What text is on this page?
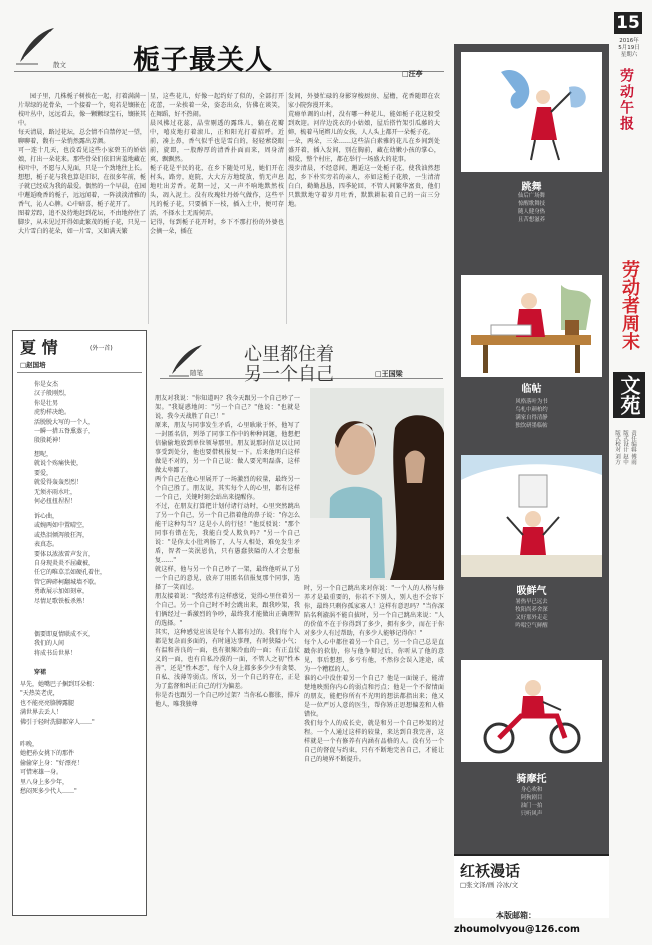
15
2016年
5月19日
星期六
劳动午报
劳动者周末
文苑
责任编辑 傅雨
版式设计 赵中
版式校对 刘方
散文 栀子最关人	□汪亭
园子里，几株栀子树挨在一起，打着满满一片翠绿的花骨朵，一个接着一个，宛若是镶嵌在枝叶丛中，远远看去，像一颗颗绿宝石，镶嵌其中。
每天清晨，路过花坛，总会情不自禁停足一望，聊聊着，馥有一朵悄然露出芳颜。
可一连十几天，也没看见这些小家碧玉的娇姑娘，打出一朵花来。那些骨朵们依旧害羞地藏在枝叶中，不愿与人见面，只是一个劲地往上长。
想想，栀子花与我也算是旧识，在很多年前，栀子就已经成为我的最爱。偶然的一个早晨，在园中邂逅晚香的栀子，远远闻着，一阵淡淡清雅的香气，沁人心脾。心中暗喜，栀子花开了。
图着芳踪，追不及待地赶到花坛，不由地停住了脚步，从未见过开得如此繁茂的栀子花，只见一大片雪白的花朵，如一片雪，又如满天繁
星，这些花儿，好像一起约好了似的，全部打开花蕾，一朵挨着一朵，姿态出众，仿佛在谈笑，在舞蹈，好不热闹。
晨风拂过花蕊，晶莹剔透的露珠儿，躺在花瓣中，嘻皮地打着滚儿，正和阳光打着招呼。近前，凑上鼻，香气似乎也是雪白的，轻轻萦绕眼前，旋即，一股醇厚的清香扑面而来，周身清爽，飘飘然。
栀子花是平民的花，在乡下随处可见，她们开在村头，路旁，庭院，大大方方地绽放，悄无声息地吐出芳香。花期一过，又一声不响地默然枝头，凋入泥土。没有玫瑰牡丹娇气做作，这些平凡的栀子花，只要插下一枝，插入土中，便可存活，不择水土无需伺弄。
记得，每到栀子花开时，乡下不那打扮的外婆也会摘一朵，插在
发间，外婆忙碌的身影穿梭厨房、屋檐，花香随即在农家小院弥漫开来。
荒瘠单调的山村，没有哪一种花儿，能如栀子花这般受到欢迎。河岸边洗衣的小姑娘，屋后搭竹架引瓜藤的大婶，梳着马尾辫儿的女孩，人人头上都开一朵栀子花。
一朵，两朵，三朵……这些洁白素雅的花儿在乡间到处盛开着，插入发间，别在胸前，藏在幼嫩小孩的掌心，相爱，整个村庄，都在举行一场盛大的花事。
漫步清晨，不经意间，邂逅这一处栀子花，使我油然想起，乡下朴实旁若的亲人，亦如这栀子花般，一生清清白白，勤勤恳恳，四季轮回，不管人间繁华富贵，他们只默默地守着岁月吐香，默默耕耘着自己的一亩三分地。
夏 情	(外一首)
□赵国培
你是女杰
汉子般刚烈，
你是壮男
虎豹样决绝。
活脱脱大写的一个人，
一瞬一措五脊熏蒸子，
殷殷耗神！
想呢，
就说个殇痛快使，
要爱，
就爱得轰轰烈烈！
无须亦雨水吐，
何必扭扭捏捏！
诉心曲，
或婉两如中置晴空，
或热泪倾泻般狂泻，
表真态。
要体以浓浓雷声发言，
自身现炎炎不屈藏被，
任它的唯草羔如硬孔着住，
管它碑碎柯翻城墙不歇。
勇敢展示加如刻章，
尽情足歌铁板杀熟！
偶要即夏情联成不灭，
我们的人间
将成书岳世界！
穿裙
早先，她嘴巴子捆到耳朵根：
"天热笑老虎，
也不能亮亮胳膊露腿
满世界去丢人！
佛引于轻时洗脚都穿人……"
昨晚，
她把孙女挑下的那件
偷偷穿上身："好漂亮！
可惜寒雄一身。
里八身上多少年，
愁闷死多少代人……"
随笔
心里都住着
另一个自己	□王国梁
朋友对我说："你知道吗？我今天跟另一个自己吵了一架。"我疑惑地问："另一个自己？"他说："也就是说，我今天战胜了自己！"
原来，朋友与同事发生矛盾，心里耿耿于怀，他写了一封匿名信，列举了同事工作中的种种问题，他想把信偷偷地放到单位领导那里。朋友说那封信足以让同事受到处分，他也要借机报复一下。后来他明白这样做是不对的，另一个自己说：做人要光明磊落，这样做太卑鄙了。
两个自己在他心里展开了一场激烈的较量，最终另一个自己胜了。朋友说，其实每个人的心里，都有这样一个自己，关键时刻会站出来提醒你。
不过，在朋友打算把计划付诸行动时，心里突然跳出了另一个自己，另一个自己指着他的鼻子说："你怎么能干这种勾当？这是小人的行径！"他反驳说："那个同事有错在先，我能白受人欺负吗？"另一个自己说："是你太小肚鸡肠了，人与人相处，难免发生矛盾，智者一笑泯恩仇，只有愚蠢狭隘的人才会想报复……"
就这样，他与另一个自己吵了一架，最终他听从了另一个自己的意见，放弃了用匿名信报复那个同事，选择了一笑而过。
朋友接着说："我经常有这样感觉，觉得心里住着另一个自己。另一个自己时不时会跳出来，跟我吵架，我们俩经过一番激烈的争吵，最终我才能做出正确理智的选择。"
其实，这种感觉应该是每个人都有过的。我们每个人都是复杂而多面的，有时通达事理，有时狭隘小气；有温和善良的一面，也有狠辣冷血的一面；有正直仗义的一面，也有自私冷漠的一面，不管人之初"性本善"，还是"性本恶"，每个人身上都多多少少有贪婪、自私、浅薄等弱点。所以，另一个自己的存在，正是为了监督和纠正自己的行为偏差。
你是否也跟另一个自己吵过架？当你私心膨胀，排斥他人，唯我独尊
时，另一个自己跳出来对你说："一个人的人格与修养才是最重要的，你若不下别人，别人也不会容下你，最终只剩你孤家寡人！这样有意思吗？"当你深陷名利漩涡不能自拔时，另一个自己跳出来说："人的价值不在于你得到了多少，拥有多少，而在于你对多少人有过帮助，有多少人能够记得你！"
每个人心中都住着另一个自己，另一个自己总是直戳你的软肋，你与他争辩过后，你听从了他的意见，事后想想，多亏有他，不然你会误入迷途，成为一个糟糕的人。
谁的心中没住着另一个自己？他是一面镜子，能清楚地映照你内心的弱点和污点；他是一个不留情面的朋友，能把你所有不光明的想法都指出来；他又是一位严厉人意的医生，帮你矫正思想偏差和人格错位。
我们每个人的成长史，就是和另一个自己吵架的过程。一个人通过这样的较量，来达到自我完善，这样就是一个有修养有内涵有品格的人。没有另一个自己的督促与约束，只有不断地完善自己，才能让自己的境界不断提升。
跳舞
仙后广场舞
惊醒歌舞技
随人健身热
且苦想滋养
临帖
风格落叶为书
鸟札中颜柏约
满家自得清静
独饮研墨临帖
吸鲜气
暑热早已远去
牧阳尚养舍深
又好那外走走
吟唱空气鲜醒
骑摩托
身心欢和
阿狗剧目
油门一拍
只听风声
红袄漫话
□张文泽/画 冷冰/文
本版邮箱：
zhoumolvyou@126.com
